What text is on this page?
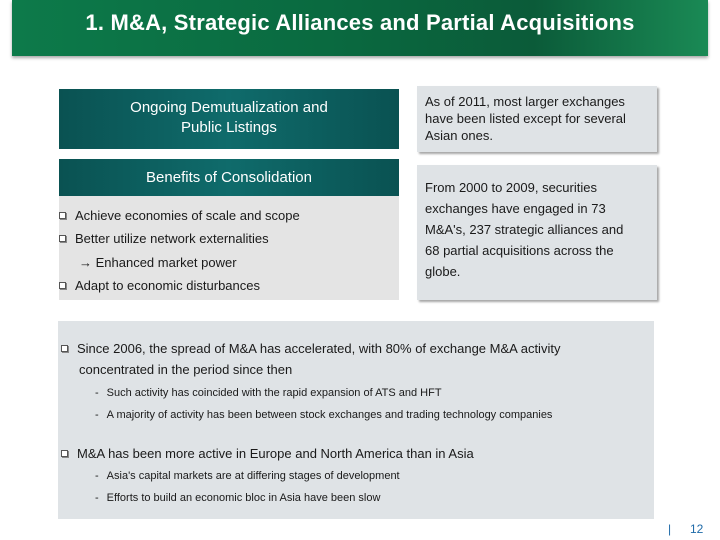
1. M&A, Strategic Alliances and Partial Acquisitions
Ongoing Demutualization and
Public Listings
Benefits of Consolidation
Achieve economies of scale and scope
Better utilize network externalities
→ Enhanced market power
Adapt to economic disturbances
As of 2011, most larger exchanges
have been listed except for several
Asian ones.
From 2000 to 2009, securities
exchanges have engaged in 73
M&A's, 237 strategic alliances and
68 partial acquisitions across the
globe.
Since 2006, the spread of M&A has accelerated, with 80% of exchange M&A activity
concentrated in the period since then
- Such activity has coincided with the rapid expansion of ATS and HFT
- A majority of activity has been between stock exchanges and trading technology companies
M&A has been more active in Europe and North America than in Asia
- Asia's capital markets are at differing stages of development
- Efforts to build an economic bloc in Asia have been slow
| 12
